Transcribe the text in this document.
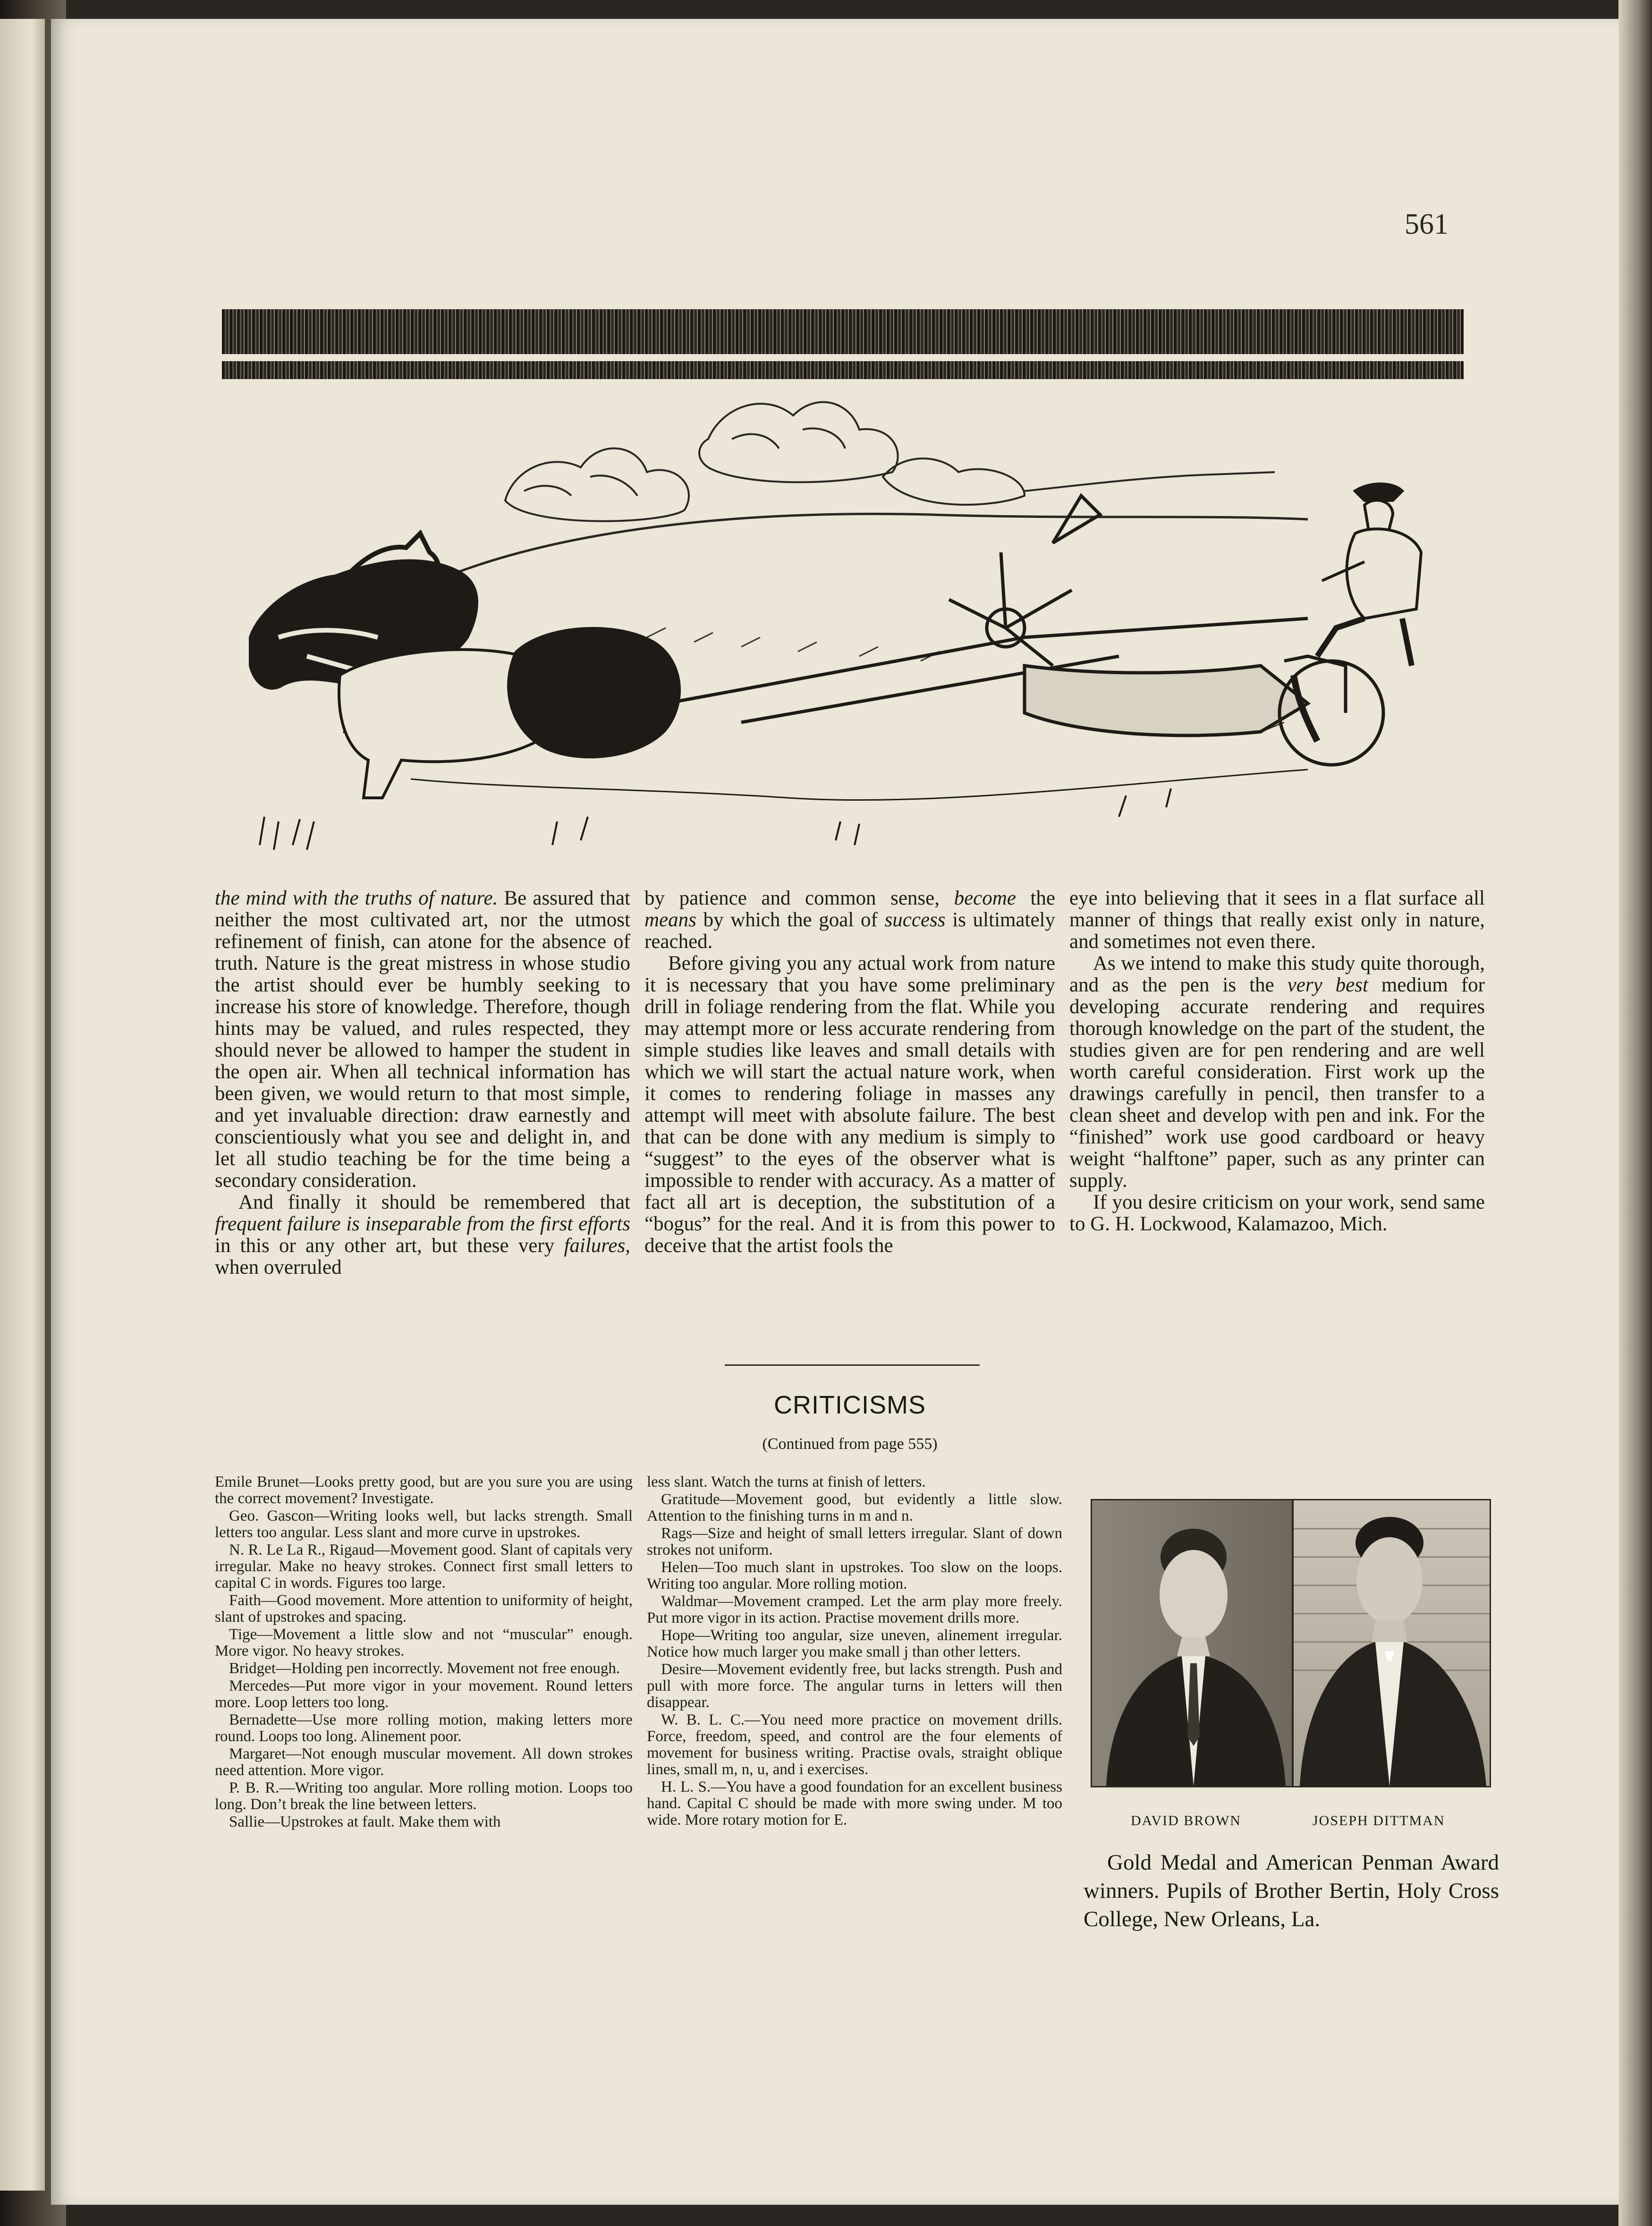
561

the mind with the truths of nature. Be assured that neither the most cultivated art, nor the utmost refinement of finish, can atone for the absence of truth. Nature is the great mistress in whose studio the artist should ever be humbly seeking to increase his store of knowledge. Therefore, though hints may be valued, and rules respected, they should never be allowed to hamper the student in the open air. When all technical information has been given, we would return to that most simple, and yet invaluable direction: draw earnestly and conscientiously what you see and delight in, and let all studio teaching be for the time being a secondary consideration.

And finally it should be remembered that frequent failure is inseparable from the first efforts in this or any other art, but these very failures, when overruled

by patience and common sense, become the means by which the goal of success is ultimately reached.

Before giving you any actual work from nature it is necessary that you have some preliminary drill in foliage rendering from the flat. While you may attempt more or less accurate rendering from simple studies like leaves and small details with which we will start the actual nature work, when it comes to rendering foliage in masses any attempt will meet with absolute failure. The best that can be done with any medium is simply to “suggest” to the eyes of the observer what is impossible to render with accuracy. As a matter of fact all art is deception, the substitution of a “bogus” for the real. And it is from this power to deceive that the artist fools the

eye into believing that it sees in a flat surface all manner of things that really exist only in nature, and sometimes not even there.

As we intend to make this study quite thorough, and as the pen is the very best medium for developing accurate rendering and requires thorough knowledge on the part of the student, the studies given are for pen rendering and are well worth careful consideration. First work up the drawings carefully in pencil, then transfer to a clean sheet and develop with pen and ink. For the “finished” work use good cardboard or heavy weight “halftone” paper, such as any printer can supply.

If you desire criticism on your work, send same to G. H. Lockwood, Kalamazoo, Mich.

CRITICISMS
(Continued from page 555)

Emile Brunet—Looks pretty good, but are you sure you are using the correct movement? Investigate.

Geo. Gascon—Writing looks well, but lacks strength. Small letters too angular. Less slant and more curve in upstrokes.

N. R. Le La R., Rigaud—Movement good. Slant of capitals very irregular. Make no heavy strokes. Connect first small letters to capital C in words. Figures too large.

Faith—Good movement. More attention to uniformity of height, slant of upstrokes and spacing.

Tige—Movement a little slow and not “muscular” enough. More vigor. No heavy strokes.

Bridget—Holding pen incorrectly. Movement not free enough.

Mercedes—Put more vigor in your movement. Round letters more. Loop letters too long.

Bernadette—Use more rolling motion, making letters more round. Loops too long. Alinement poor.

Margaret—Not enough muscular movement. All down strokes need attention. More vigor.

P. B. R.—Writing too angular. More rolling motion. Loops too long. Don’t break the line between letters.

Sallie—Upstrokes at fault. Make them with

less slant. Watch the turns at finish of letters.

Gratitude—Movement good, but evidently a little slow. Attention to the finishing turns in m and n.

Rags—Size and height of small letters irregular. Slant of down strokes not uniform.

Helen—Too much slant in upstrokes. Too slow on the loops. Writing too angular. More rolling motion.

Waldmar—Movement cramped. Let the arm play more freely. Put more vigor in its action. Practise movement drills more.

Hope—Writing too angular, size uneven, alinement irregular. Notice how much larger you make small j than other letters.

Desire—Movement evidently free, but lacks strength. Push and pull with more force. The angular turns in letters will then disappear.

W. B. L. C.—You need more practice on movement drills. Force, freedom, speed, and control are the four elements of movement for business writing. Practise ovals, straight oblique lines, small m, n, u, and i exercises.

H. L. S.—You have a good foundation for an excellent business hand. Capital C should be made with more swing under. M too wide. More rotary motion for E.	DAVID BROWN	JOSEPH DITTMAN

Gold Medal and American Penman Award winners. Pupils of Brother Bertin, Holy Cross College, New Orleans, La.
